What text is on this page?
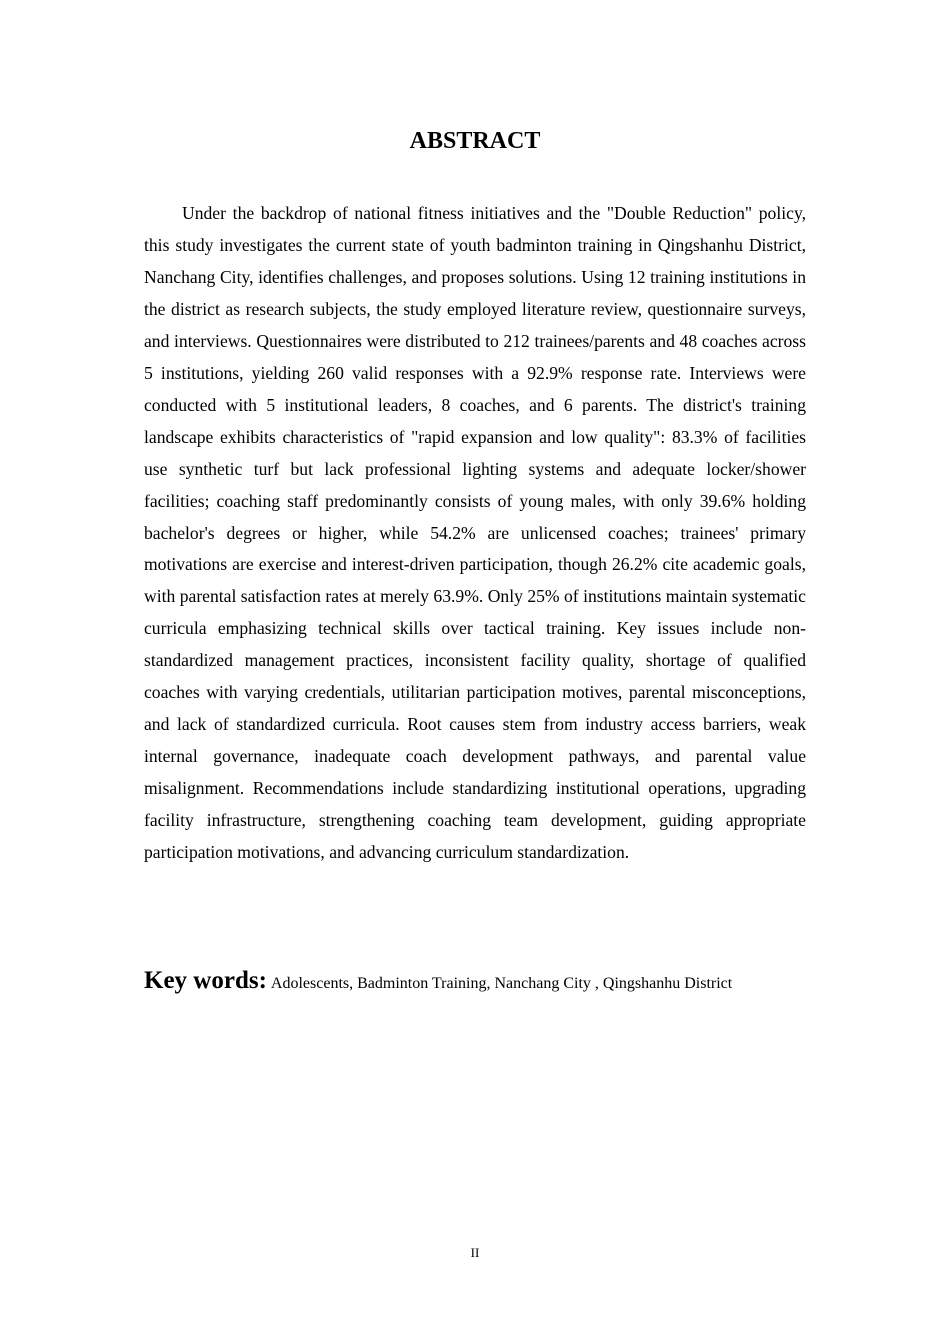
ABSTRACT

Under the backdrop of national fitness initiatives and the "Double Reduction" policy, this study investigates the current state of youth badminton training in Qingshanhu District, Nanchang City, identifies challenges, and proposes solutions. Using 12 training institutions in the district as research subjects, the study employed literature review, questionnaire surveys, and interviews. Questionnaires were distributed to 212 trainees/parents and 48 coaches across 5 institutions, yielding 260 valid responses with a 92.9% response rate. Interviews were conducted with 5 institutional leaders, 8 coaches, and 6 parents. The district's training landscape exhibits characteristics of "rapid expansion and low quality": 83.3% of facilities use synthetic turf but lack professional lighting systems and adequate locker/shower facilities; coaching staff predominantly consists of young males, with only 39.6% holding bachelor's degrees or higher, while 54.2% are unlicensed coaches; trainees' primary motivations are exercise and interest-driven participation, though 26.2% cite academic goals, with parental satisfaction rates at merely 63.9%. Only 25% of institutions maintain systematic curricula emphasizing technical skills over tactical training. Key issues include non-standardized management practices, inconsistent facility quality, shortage of qualified coaches with varying credentials, utilitarian participation motives, parental misconceptions, and lack of standardized curricula. Root causes stem from industry access barriers, weak internal governance, inadequate coach development pathways, and parental value misalignment. Recommendations include standardizing institutional operations, upgrading facility infrastructure, strengthening coaching team development, guiding appropriate participation motivations, and advancing curriculum standardization.

Key words: Adolescents, Badminton Training, Nanchang City , Qingshanhu District
II
